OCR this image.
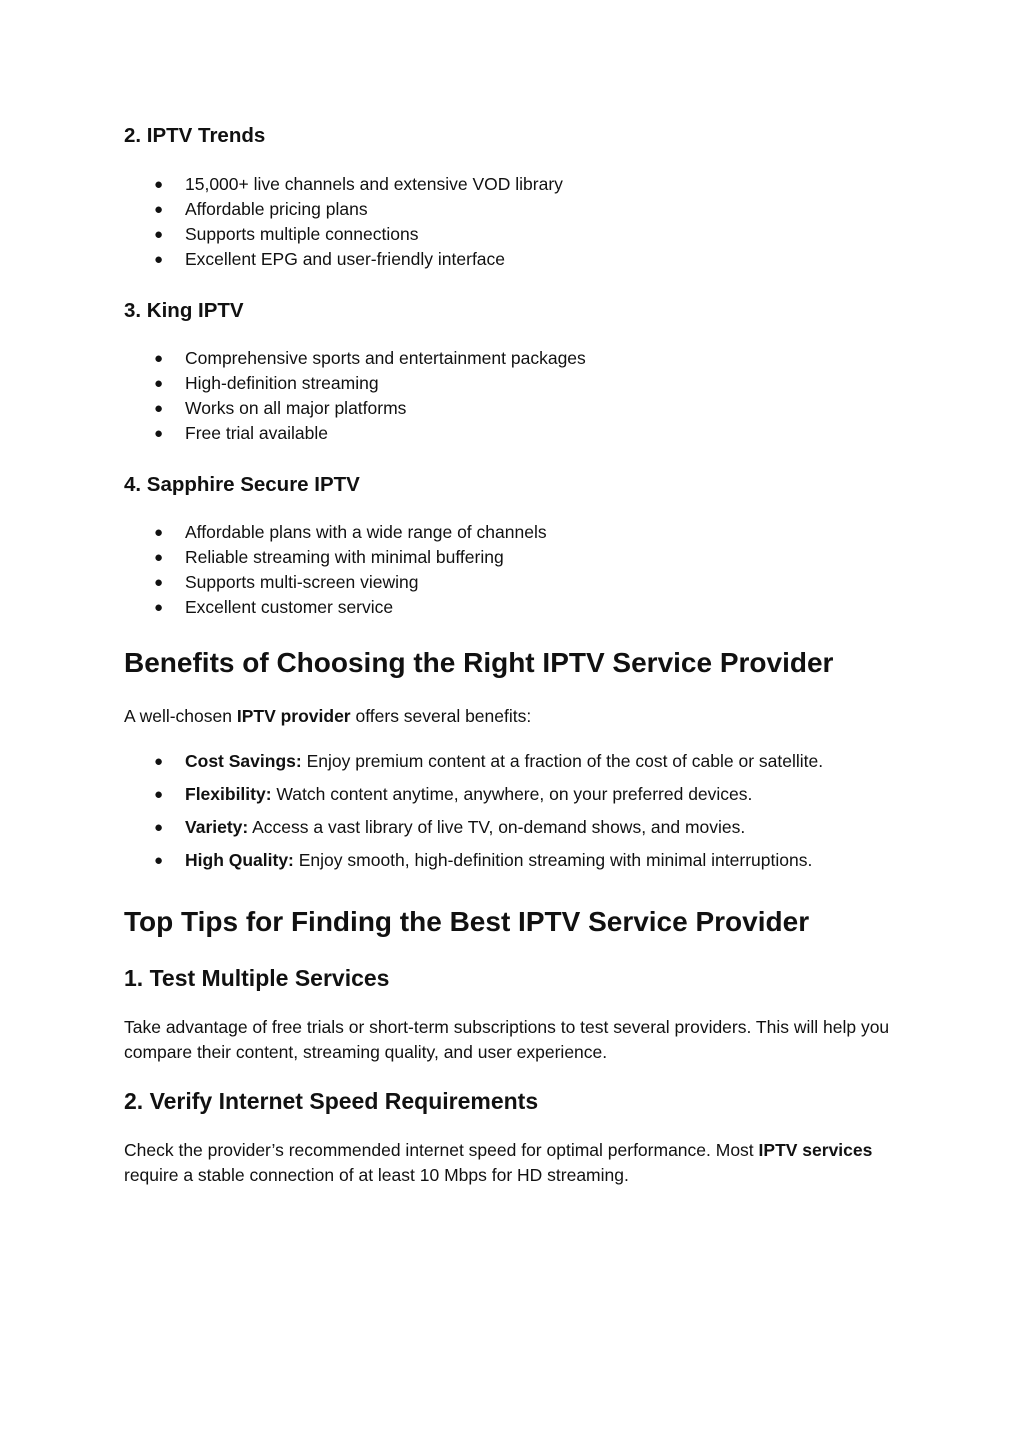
2. IPTV Trends
● 15,000+ live channels and extensive VOD library
● Affordable pricing plans
● Supports multiple connections
● Excellent EPG and user-friendly interface
3. King IPTV
● Comprehensive sports and entertainment packages
● High-definition streaming
● Works on all major platforms
● Free trial available
4. Sapphire Secure IPTV
● Affordable plans with a wide range of channels
● Reliable streaming with minimal buffering
● Supports multi-screen viewing
● Excellent customer service
Benefits of Choosing the Right IPTV Service Provider

A well-chosen IPTV provider offers several benefits:

● Cost Savings: Enjoy premium content at a fraction of the cost of cable or satellite.
● Flexibility: Watch content anytime, anywhere, on your preferred devices.
● Variety: Access a vast library of live TV, on-demand shows, and movies.
● High Quality: Enjoy smooth, high-definition streaming with minimal interruptions.
Top Tips for Finding the Best IPTV Service Provider
1. Test Multiple Services

Take advantage of free trials or short-term subscriptions to test several providers. This will help you compare their content, streaming quality, and user experience.

2. Verify Internet Speed Requirements

Check the provider’s recommended internet speed for optimal performance. Most IPTV services require a stable connection of at least 10 Mbps for HD streaming.
